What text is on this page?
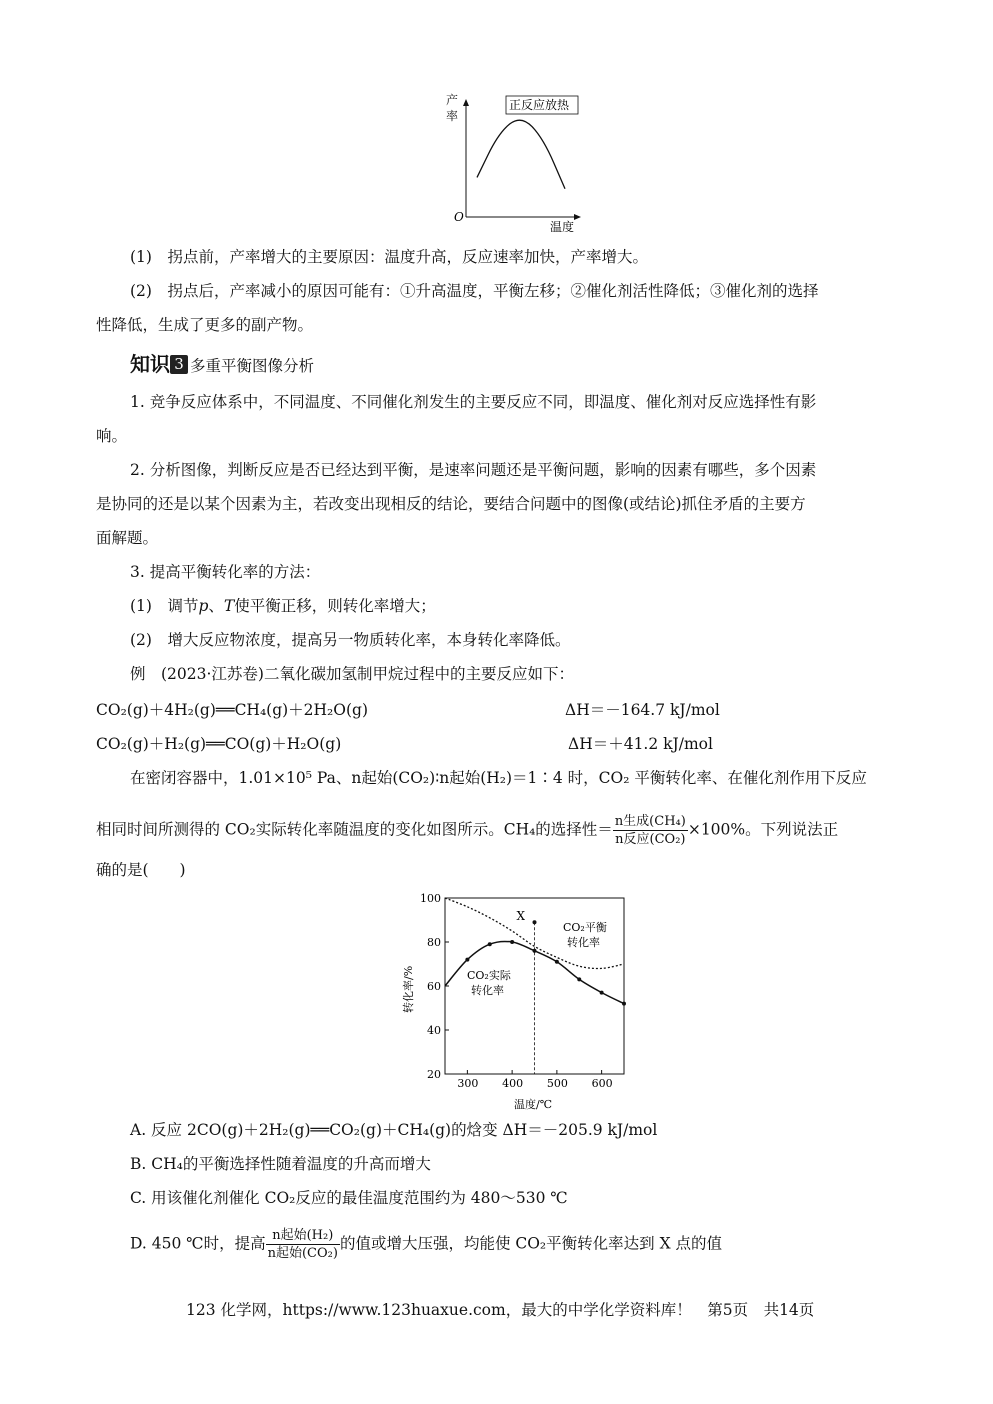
产率
O
温度
正反应放热
(1)　拐点前，产率增大的主要原因：温度升高，反应速率加快，产率增大。
(2)　拐点后，产率减小的原因可能有：①升高温度，平衡左移；②催化剂活性降低；③催化剂的选择
性降低，生成了更多的副产物。
知识 3 多重平衡图像分析
1. 竞争反应体系中，不同温度、不同催化剂发生的主要反应不同，即温度、催化剂对反应选择性有影
响。
2. 分析图像，判断反应是否已经达到平衡，是速率问题还是平衡问题，影响的因素有哪些，多个因素
是协同的还是以某个因素为主，若改变出现相反的结论，要结合问题中的图像(或结论)抓住矛盾的主要方
面解题。
3. 提高平衡转化率的方法：
(1)　调节p、T使平衡正移，则转化率增大；
(2)　增大反应物浓度，提高另一物质转化率，本身转化率降低。
例　(2023·江苏卷)二氧化碳加氢制甲烷过程中的主要反应如下：
CO₂(g)＋4H₂(g)══CH₄(g)＋2H₂O(g)	ΔH＝－164.7 kJ/mol
CO₂(g)＋H₂(g)══CO(g)＋H₂O(g)	ΔH＝＋41.2 kJ/mol
在密闭容器中，1.01×10⁵ Pa、n起始(CO₂)∶n起始(H₂)＝1∶4 时，CO₂ 平衡转化率、在催化剂作用下反应
相同时间所测得的 CO₂实际转化率随温度的变化如图所示。CH₄的选择性＝ $\frac{\text{n生成(CH₄)}}{\text{n反应(CO₂)}} \times 100\%$。下列说法正
确的是(　　)
300 400 500 600
20
40
60
80
100
温度/℃
转化率/%
X
CO₂平衡
转化率
CO₂实际
转化率
A. 反应 2CO(g)＋2H₂(g)══CO₂(g)＋CH₄(g)的焓变 ΔH＝－205.9 kJ/mol
B. CH₄的平衡选择性随着温度的升高而增大
C. 用该催化剂催化 CO₂反应的最佳温度范围约为 480～530 ℃
D. 450 ℃时，提高 $\frac{\text{n起始(H₂)}}{\text{n起始(CO₂)}}$ 的值或增大压强，均能使 CO₂平衡转化率达到 X 点的值
123 化学网，https://www.123huaxue.com，最大的中学化学资料库！　第5页　共14页
